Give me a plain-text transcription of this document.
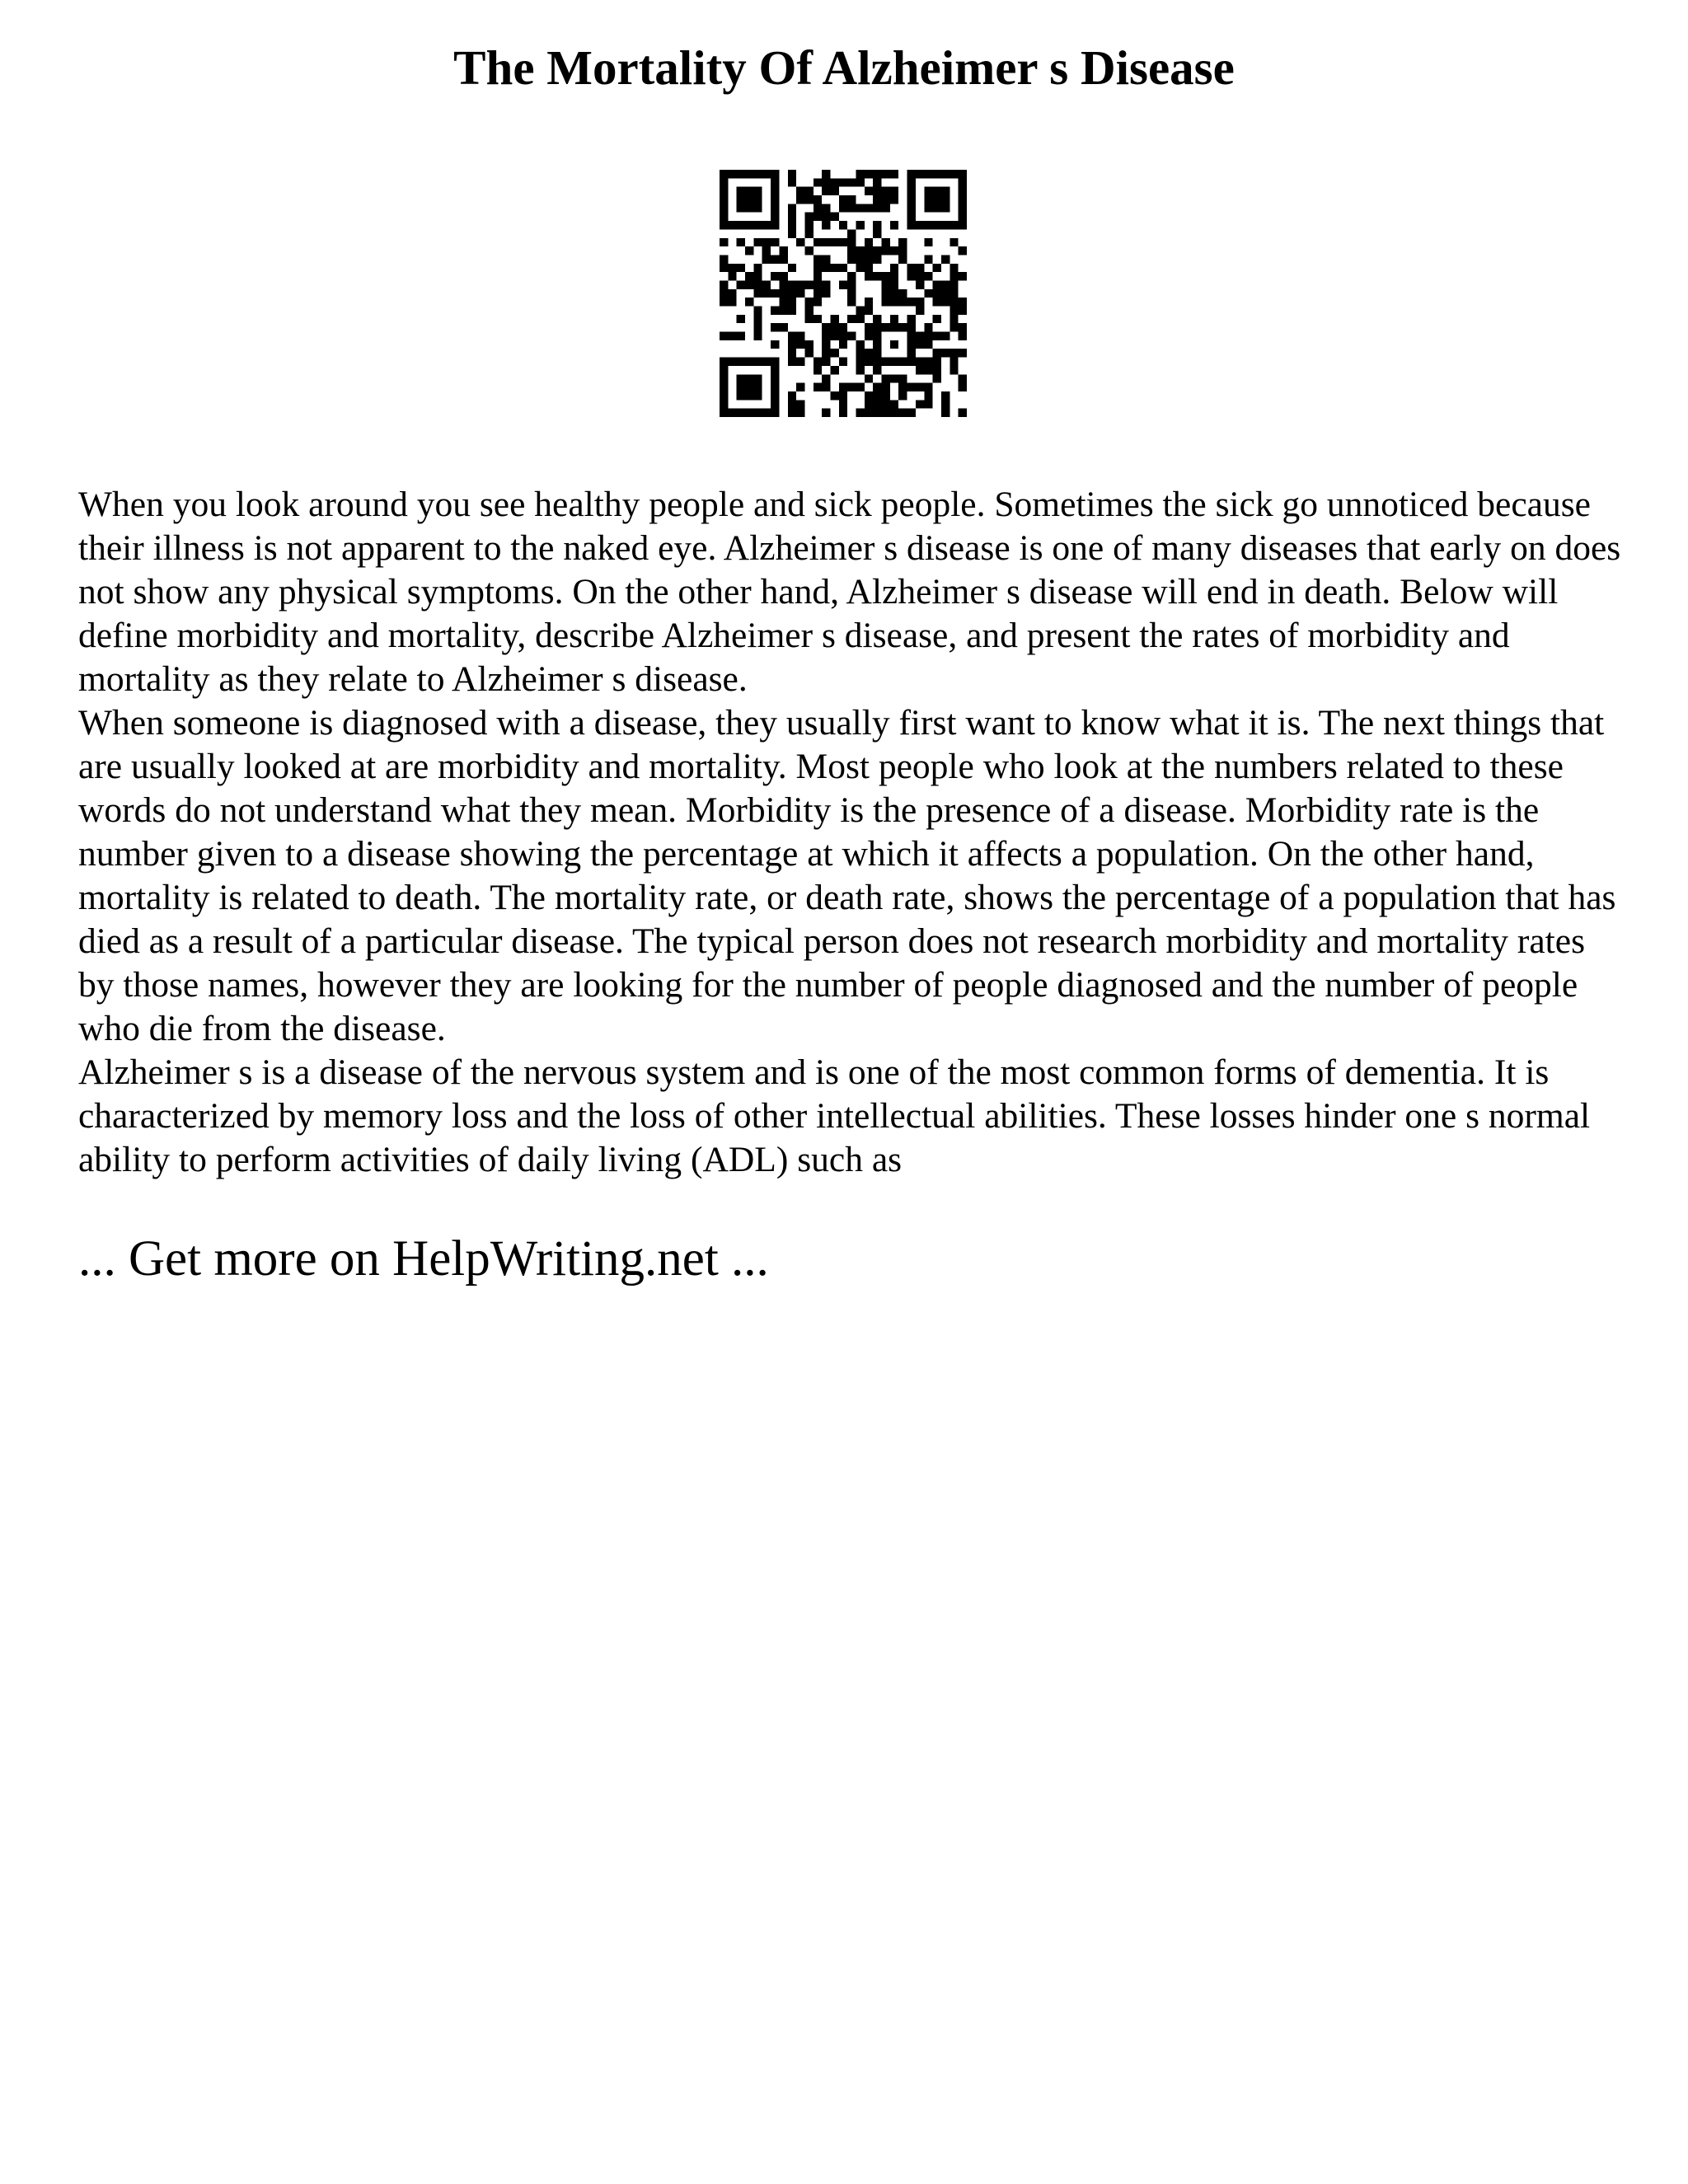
The Mortality Of Alzheimer s Disease

When you look around you see healthy people and sick people. Sometimes the sick go unnoticed because their illness is not apparent to the naked eye. Alzheimer s disease is one of many diseases that early on does not show any physical symptoms. On the other hand, Alzheimer s disease will end in death. Below will define morbidity and mortality, describe Alzheimer s disease, and present the rates of morbidity and mortality as they relate to Alzheimer s disease.

When someone is diagnosed with a disease, they usually first want to know what it is. The next things that are usually looked at are morbidity and mortality. Most people who look at the numbers related to these words do not understand what they mean. Morbidity is the presence of a disease. Morbidity rate is the number given to a disease showing the percentage at which it affects a population. On the other hand, mortality is related to death. The mortality rate, or death rate, shows the percentage of a population that has died as a result of a particular disease. The typical person does not research morbidity and mortality rates by those names, however they are looking for the number of people diagnosed and the number of people who die from the disease.

Alzheimer s is a disease of the nervous system and is one of the most common forms of dementia. It is characterized by memory loss and the loss of other intellectual abilities. These losses hinder one s normal ability to perform activities of daily living (ADL) such as

... Get more on HelpWriting.net ...
